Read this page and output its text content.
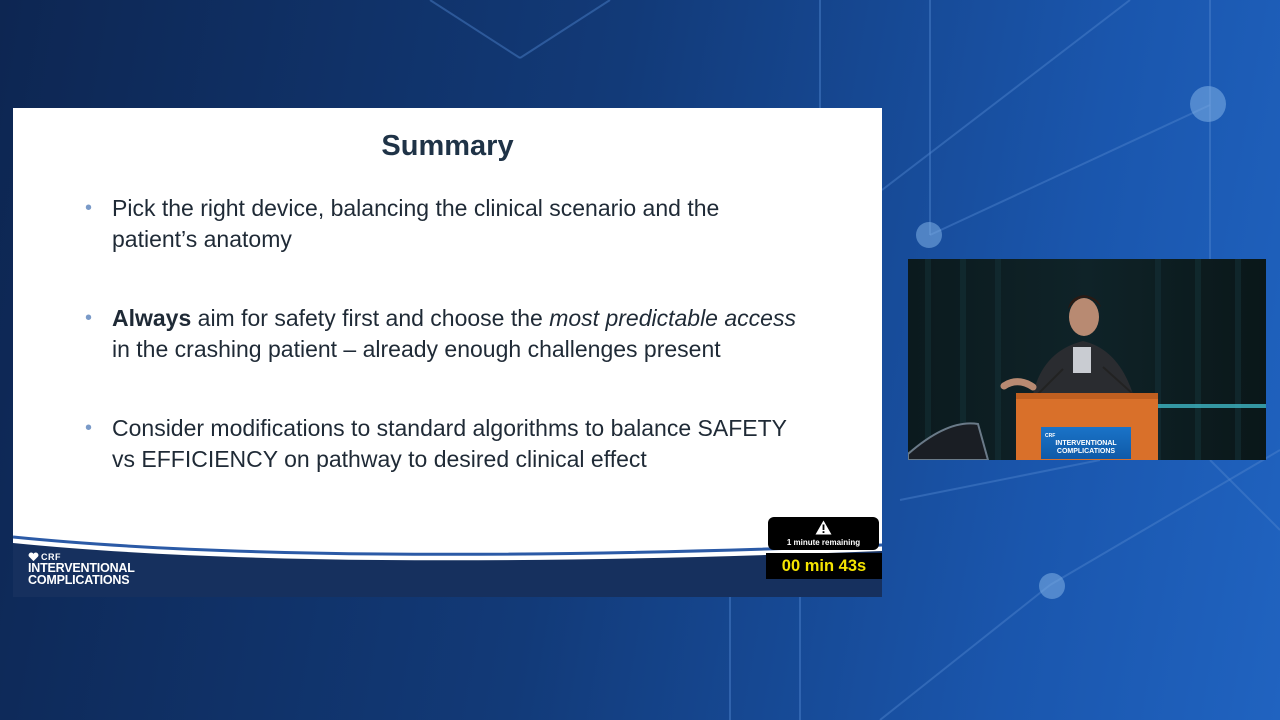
Summary
• Pick the right device, balancing the clinical scenario and the patient’s anatomy
• Always aim for safety first and choose the most predictable access in the crashing patient – already enough challenges present
• Consider modifications to standard algorithms to balance SAFETY vs EFFICIENCY on pathway to desired clinical effect
CRF
INTERVENTIONAL
COMPLICATIONS
1 minute remaining
00 min 43s
CRF
INTERVENTIONAL
COMPLICATIONS
